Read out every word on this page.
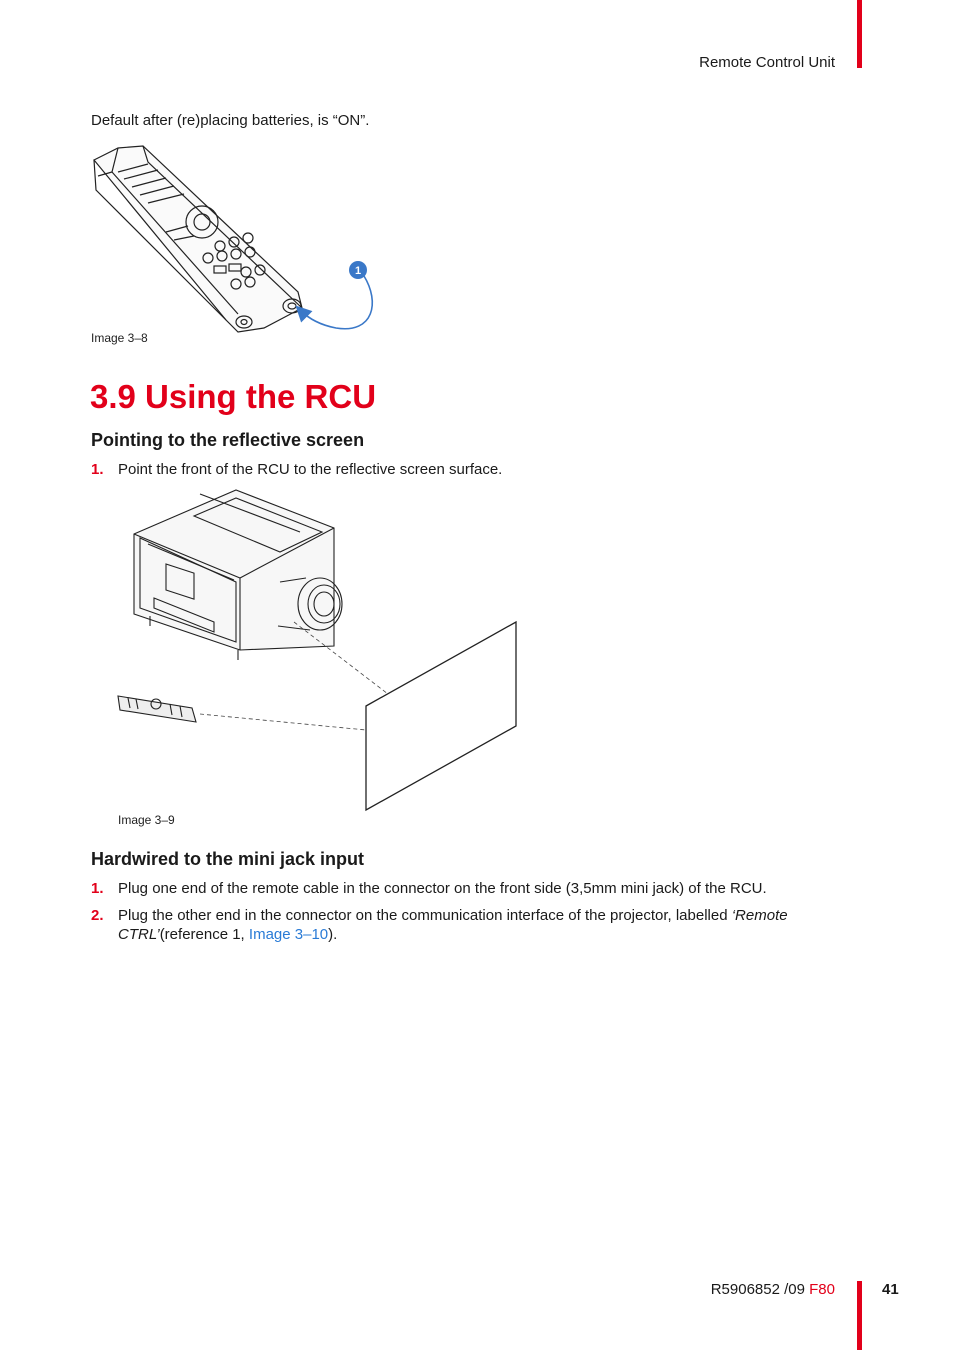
Remote Control Unit
Default after (re)placing batteries, is “ON”.
1
Image 3–8
3.9 Using the RCU
Pointing to the reflective screen
1. Point the front of the RCU to the reflective screen surface.
Image 3–9
Hardwired to the mini jack input
1. Plug one end of the remote cable in the connector on the front side (3,5mm mini jack) of the RCU.
2. Plug the other end in the connector on the communication interface of the projector, labelled ‘Remote CTRL’(reference 1, Image 3–10).
R5906852 /09 F80	41
